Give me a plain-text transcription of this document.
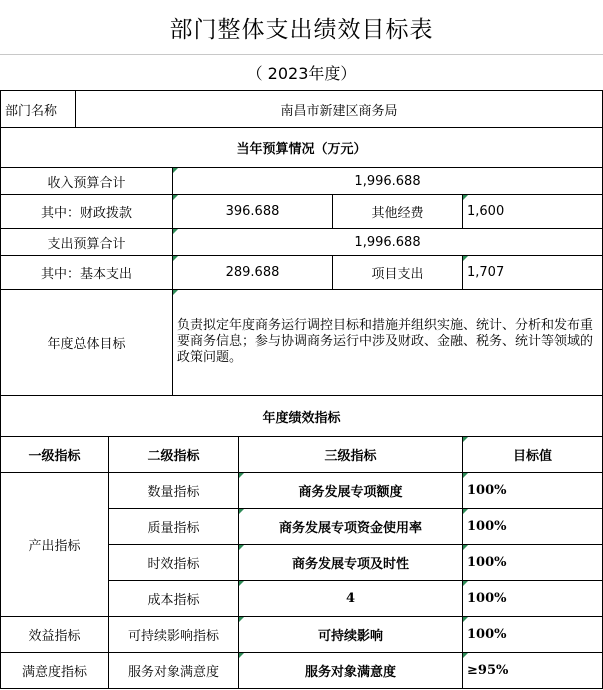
部门整体支出绩效目标表
（ 2023年度）
部门名称	南昌市新建区商务局					
当年预算情况（万元）						
收入预算合计			1,996.688			
其中：财政拨款			396.688		其他经费	1,600
支出预算合计			1,996.688			
其中：基本支出			289.688		项目支出	1,707
年度总体目标			负责拟定年度商务运行调控目标和措施并组织实施、统计、分析和发布重要商务信息；参与协调商务运行中涉及财政、金融、税务、统计等领域的政策问题。			
年度绩效指标						
一级指标		二级指标		三级指标		目标值
产出指标		数量指标		商务发展专项额度		100%
		质量指标		商务发展专项资金使用率		100%
		时效指标		商务发展专项及时性		100%
		成本指标		4		100%
效益指标		可持续影响指标		可持续影响		100%
满意度指标		服务对象满意度		服务对象满意度		≥95%
